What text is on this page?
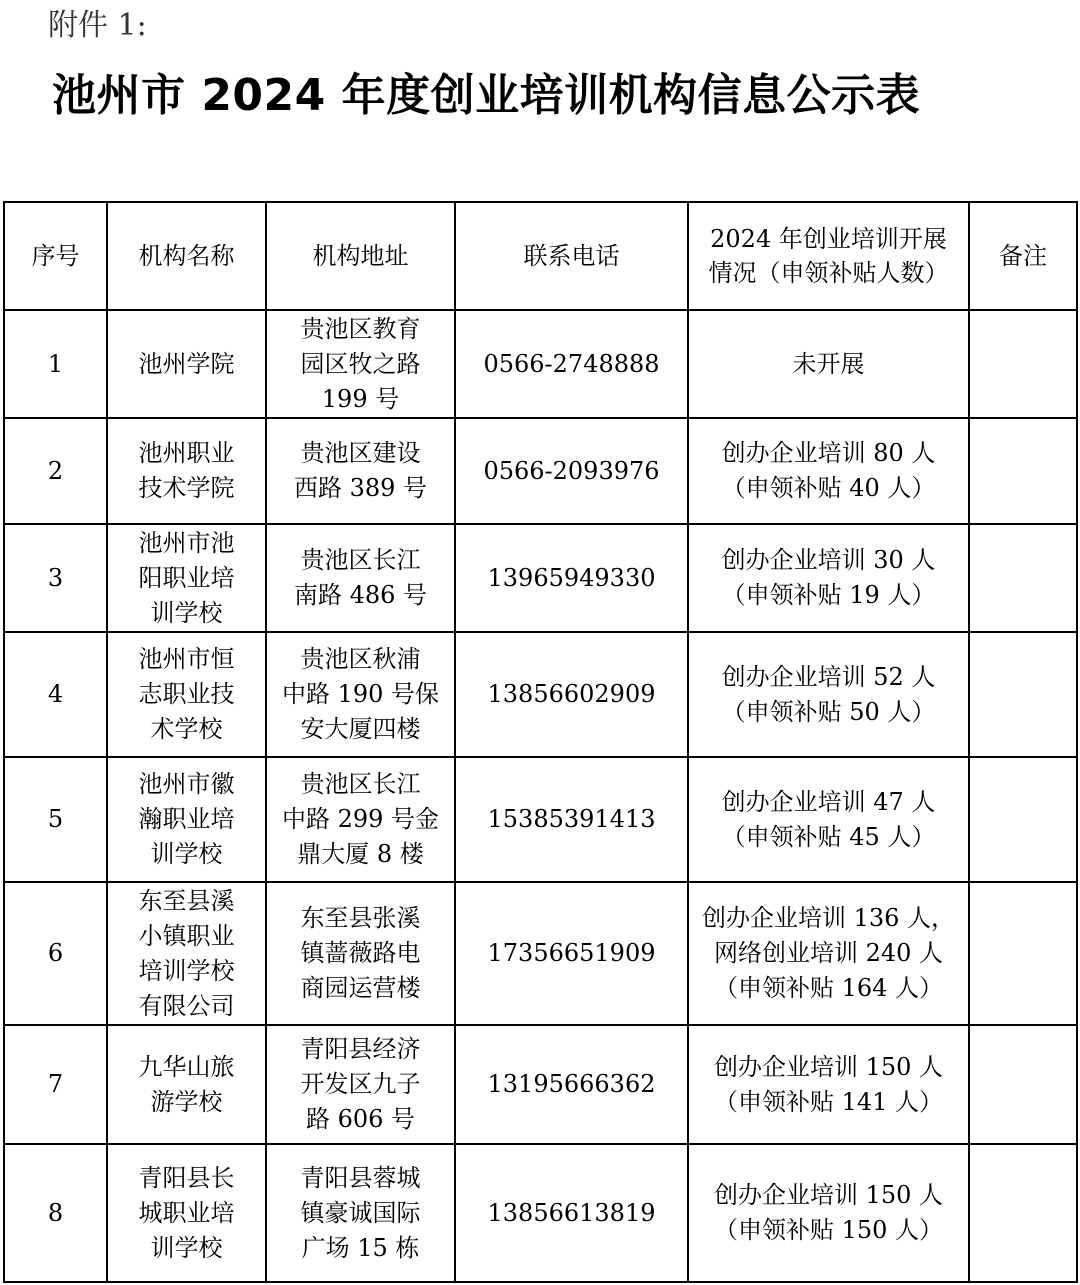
附件 1:
池州市 2024 年度创业培训机构信息公示表
序号	机构名称	机构地址	联系电话	2024 年创业培训开展
情况（申领补贴人数）	备注
1	池州学院	贵池区教育
园区牧之路
199 号	0566-2748888	未开展	

2	池州职业
技术学院	贵池区建设
西路 389 号	0566-2093976	创办企业培训 80 人
（申领补贴 40 人）	

3	池州市池
阳职业培
训学校	贵池区长江
南路 486 号	13965949330	创办企业培训 30 人
（申领补贴 19 人）	

4	池州市恒
志职业技
术学校	贵池区秋浦
中路 190 号保
安大厦四楼	13856602909	创办企业培训 52 人
（申领补贴 50 人）	

5	池州市徽
瀚职业培
训学校	贵池区长江
中路 299 号金
鼎大厦 8 楼	15385391413	创办企业培训 47 人
（申领补贴 45 人）	

6	东至县溪
小镇职业
培训学校
有限公司	东至县张溪
镇蔷薇路电
商园运营楼	17356651909	创办企业培训 136 人，
网络创业培训 240 人
（申领补贴 164 人）	

7	九华山旅
游学校	青阳县经济
开发区九子
路 606 号	13195666362	创办企业培训 150 人
（申领补贴 141 人）	

8	青阳县长
城职业培
训学校	青阳县蓉城
镇豪诚国际
广场 15 栋	13856613819	创办企业培训 150 人
（申领补贴 150 人）	
